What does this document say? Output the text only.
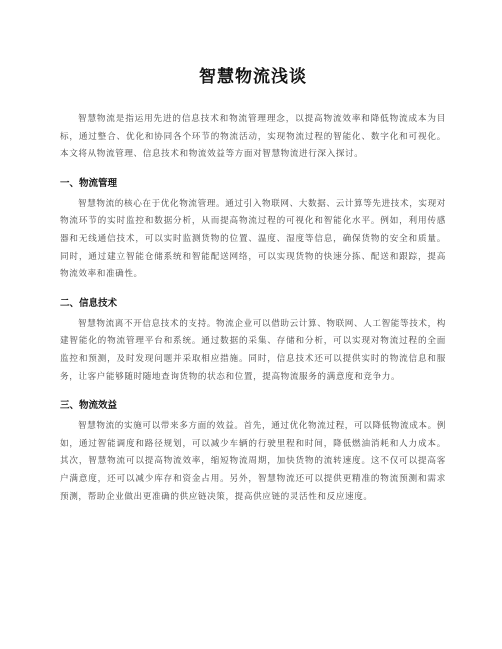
智慧物流浅谈

智慧物流是指运用先进的信息技术和物流管理理念，以提高物流效率和降低物流成本为目标，通过整合、优化和协同各个环节的物流活动，实现物流过程的智能化、数字化和可视化。本文将从物流管理、信息技术和物流效益等方面对智慧物流进行深入探讨。

一、物流管理

智慧物流的核心在于优化物流管理。通过引入物联网、大数据、云计算等先进技术，实现对物流环节的实时监控和数据分析，从而提高物流过程的可视化和智能化水平。例如，利用传感器和无线通信技术，可以实时监测货物的位置、温度、湿度等信息，确保货物的安全和质量。同时，通过建立智能仓储系统和智能配送网络，可以实现货物的快速分拣、配送和跟踪，提高物流效率和准确性。

二、信息技术

智慧物流离不开信息技术的支持。物流企业可以借助云计算、物联网、人工智能等技术，构建智能化的物流管理平台和系统。通过数据的采集、存储和分析，可以实现对物流过程的全面监控和预测，及时发现问题并采取相应措施。同时，信息技术还可以提供实时的物流信息和服务，让客户能够随时随地查询货物的状态和位置，提高物流服务的满意度和竞争力。

三、物流效益

智慧物流的实施可以带来多方面的效益。首先，通过优化物流过程，可以降低物流成本。例如，通过智能调度和路径规划，可以减少车辆的行驶里程和时间，降低燃油消耗和人力成本。其次，智慧物流可以提高物流效率，缩短物流周期，加快货物的流转速度。这不仅可以提高客户满意度，还可以减少库存和资金占用。另外，智慧物流还可以提供更精准的物流预测和需求预测，帮助企业做出更准确的供应链决策，提高供应链的灵活性和反应速度。
